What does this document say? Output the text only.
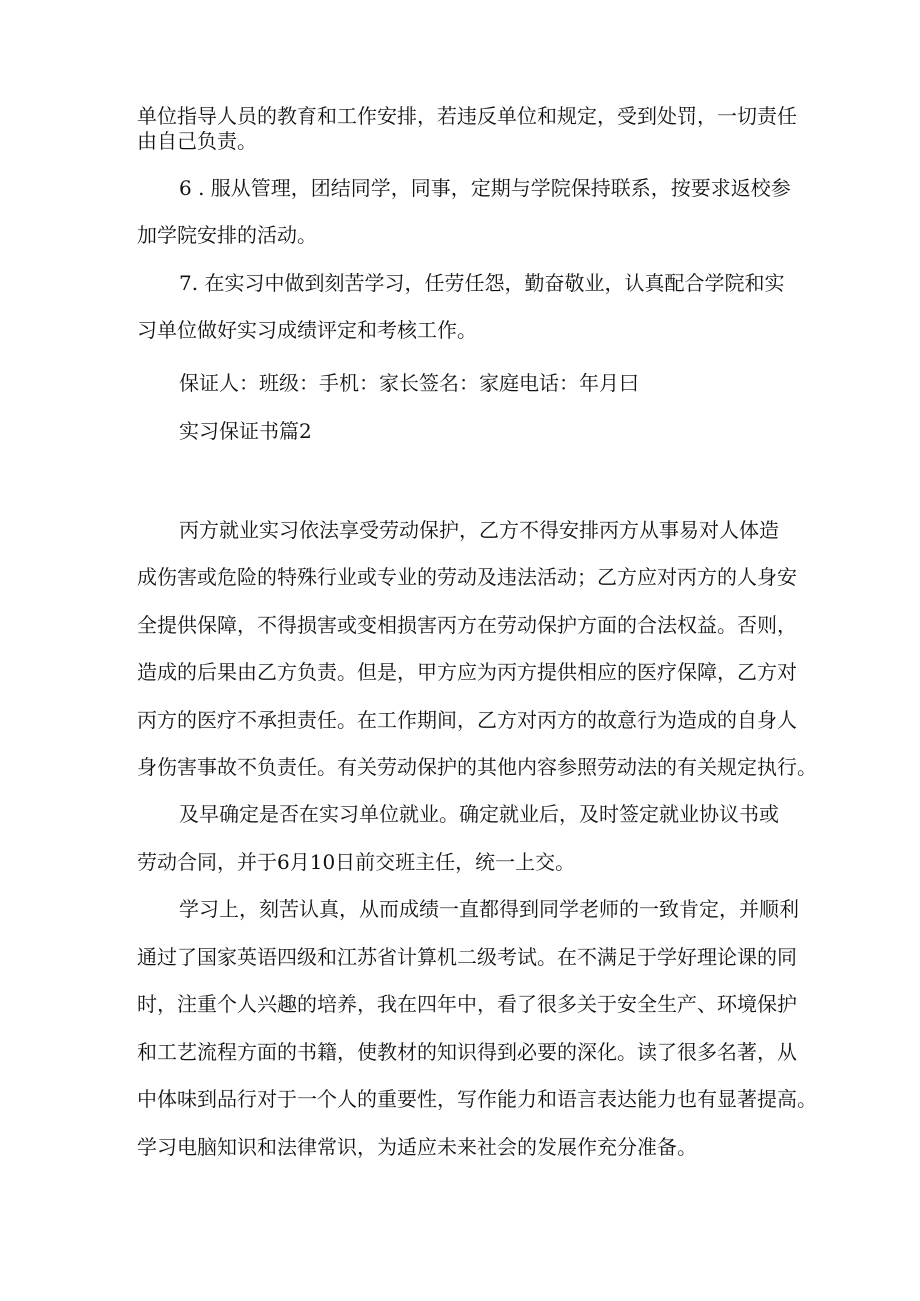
单位指导人员的教育和工作安排，若违反单位和规定，受到处罚，一切责任

由自己负责。

6 . 服从管理，团结同学，同事，定期与学院保持联系，按要求返校参

加学院安排的活动。

7. 在实习中做到刻苦学习，任劳任怨，勤奋敬业，认真配合学院和实

习单位做好实习成绩评定和考核工作。

保证人：班级：手机：家长签名：家庭电话：年月曰

实习保证书篇2

丙方就业实习依法享受劳动保护，乙方不得安排丙方从事易对人体造

成伤害或危险的特殊行业或专业的劳动及违法活动；乙方应对丙方的人身安

全提供保障，不得损害或变相损害丙方在劳动保护方面的合法权益。否则，

造成的后果由乙方负责。但是，甲方应为丙方提供相应的医疗保障，乙方对

丙方的医疗不承担责任。在工作期间，乙方对丙方的故意行为造成的自身人

身伤害事故不负责任。有关劳动保护的其他内容参照劳动法的有关规定执行。

及早确定是否在实习单位就业。确定就业后，及时签定就业协议书或

劳动合同，并于6月10日前交班主任，统一上交。

学习上，刻苦认真，从而成绩一直都得到同学老师的一致肯定，并顺利

通过了国家英语四级和江苏省计算机二级考试。在不满足于学好理论课的同

时，注重个人兴趣的培养，我在四年中，看了很多关于安全生产、环境保护

和工艺流程方面的书籍，使教材的知识得到必要的深化。读了很多名著，从

中体味到品行对于一个人的重要性，写作能力和语言表达能力也有显著提高。

学习电脑知识和法律常识，为适应未来社会的发展作充分准备。
